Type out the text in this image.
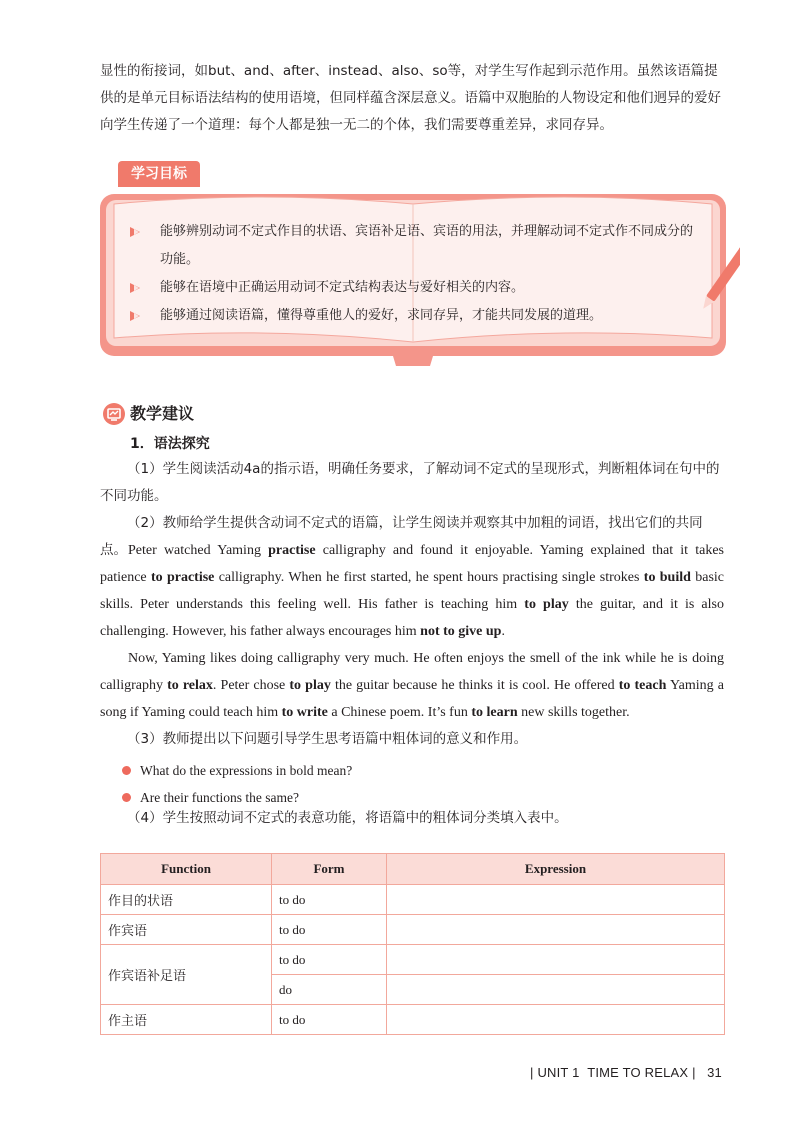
显性的衔接词，如but、and、after、instead、also、so等，对学生写作起到示范作用。虽然该语篇提供的是单元目标语法结构的使用语境，但同样蕴含深层意义。语篇中双胞胎的人物设定和他们迥异的爱好向学生传递了一个道理：每个人都是独一无二的个体，我们需要尊重差异，求同存异。

学习目标
能够辨别动词不定式作目的状语、宾语补足语、宾语的用法，并理解动词不定式作不同成分的功能。
能够在语境中正确运用动词不定式结构表达与爱好相关的内容。
能够通过阅读语篇，懂得尊重他人的爱好，求同存异，才能共同发展的道理。
教学建议
1．语法探究

（1）学生阅读活动4a的指示语，明确任务要求，了解动词不定式的呈现形式，判断粗体词在句中的不同功能。

（2）教师给学生提供含动词不定式的语篇，让学生阅读并观察其中加粗的词语，找出它们的共同点。 Peter watched Yaming practise calligraphy and found it enjoyable. Yaming explained that it takes patience to practise calligraphy. When he first started, he spent hours practising single strokes to build basic skills. Peter understands this feeling well. His father is teaching him to play the guitar, and it is also challenging. However, his father always encourages him not to give up.

Now, Yaming likes doing calligraphy very much. He often enjoys the smell of the ink while he is doing calligraphy to relax. Peter chose to play the guitar because he thinks it is cool. He offered to teach Yaming a song if Yaming could teach him to write a Chinese poem. It’s fun to learn new skills together.

（3）教师提出以下问题引导学生思考语篇中粗体词的意义和作用。

What do the expressions in bold mean?
Are their functions the same?

（4）学生按照动词不定式的表意功能，将语篇中的粗体词分类填入表中。

Function	Form	Expression
作目的状语	to do	
作宾语	to do	
作宾语补足语	to do	
	do	
作主语	to do	
| UNIT 1 TIME TO RELAX |   31
